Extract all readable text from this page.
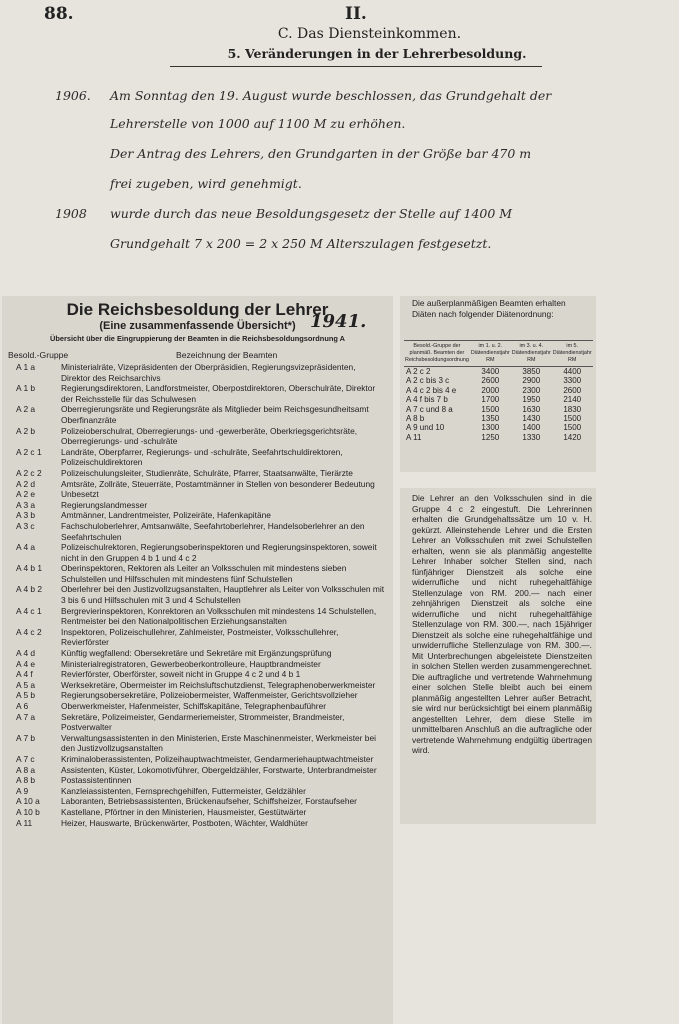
88.	II.
C. Das Diensteinkommen.
5. Veränderungen in der Lehrerbesoldung.
1906. Am Sonntag den 19. August wurde beschlossen, das Grundgehalt der
Lehrerstelle von 1000 auf 1100 M zu erhöhen.
Der Antrag des Lehrers, den Grundgarten in der Größe bar 470 m
frei zugeben, wird genehmigt.
1908 wurde durch das neue Besoldungsgesetz der Stelle auf 1400 M
Grundgehalt 7 x 200 = 2 x 250 M Alterszulagen festgesetzt.
Die Reichsbesoldung der Lehrer
1941.
(Eine zusammenfassende Übersicht*)
Übersicht über die Eingruppierung der Beamten in die Reichsbesoldungsordnung A
Besold.-Gruppe	Bezeichnung der Beamten
A 1 a	Ministerialräte, Vizepräsidenten der Oberpräsidien, Regierungsvizepräsidenten, Direktor des Reichsarchivs
A 1 b	Regierungsdirektoren, Landforstmeister, Oberpostdirektoren, Oberschulräte, Direktor der Reichsstelle für das Schulwesen
A 2 a	Oberregierungsräte und Regierungsräte als Mitglieder beim Reichsgesundheitsamt Oberfinanzräte
A 2 b	Polizeioberschulrat, Oberregierungs- und -gewerberäte, Oberkriegsgerichtsräte, Oberregierungs- und -schulräte
A 2 c 1	Landräte, Oberpfarrer, Regierungs- und -schulräte, Seefahrtschuldirektoren, Polizeischuldirektoren
A 2 c 2	Polizeischulungsleiter, Studienräte, Schulräte, Pfarrer, Staatsanwälte, Tierärzte
A 2 d	Amtsräte, Zollräte, Steuerräte, Postamtmänner in Stellen von besonderer Bedeutung
A 2 e	Unbesetzt
A 3 a	Regierungslandmesser
A 3 b	Amtmänner, Landrentmeister, Polizeiräte, Hafenkapitäne
A 3 c	Fachschuloberlehrer, Amtsanwälte, Seefahrtoberlehrer, Handelsoberlehrer an den Seefahrtschulen
A 4 a	Polizeischulrektoren, Regierungsoberinspektoren und Regierungsinspektoren, soweit nicht in den Gruppen 4 b 1 und 4 c 2
A 4 b 1	Oberinspektoren, Rektoren als Leiter an Volksschulen mit mindestens sieben Schulstellen und Hilfsschulen mit mindestens fünf Schulstellen
A 4 b 2	Oberlehrer bei den Justizvollzugsanstalten, Hauptlehrer als Leiter von Volksschulen mit 3 bis 6 und Hilfsschulen mit 3 und 4 Schulstellen
A 4 c 1	Bergrevierinspektoren, Konrektoren an Volksschulen mit mindestens 14 Schulstellen, Rentmeister bei den Nationalpolitischen Erziehungsanstalten
A 4 c 2	Inspektoren, Polizeischullehrer, Zahlmeister, Postmeister, Volksschullehrer, Revierförster
A 4 d	Künftig wegfallend: Obersekretäre und Sekretäre mit Ergänzungsprüfung
A 4 e	Ministerialregistratoren, Gewerbeoberkontrolleure, Hauptbrandmeister
A 4 f	Revierförster, Oberförster, soweit nicht in Gruppe 4 c 2 und 4 b 1
A 5 a	Werksekretäre, Obermeister im Reichsluftschutzdienst, Telegraphenoberwerkmeister
A 5 b	Regierungsobersekretäre, Polizeiobermeister, Waffenmeister, Gerichtsvollzieher
A 6	Oberwerkmeister, Hafenmeister, Schiffskapitäne, Telegraphenbauführer
A 7 a	Sekretäre, Polizeimeister, Gendarmeriemeister, Strommeister, Brandmeister, Postverwalter
A 7 b	Verwaltungsassistenten in den Ministerien, Erste Maschinenmeister, Werkmeister bei den Justizvollzugsanstalten
A 7 c	Kriminaloberassistenten, Polizeihauptwachtmeister, Gendarmeriehauptwachtmeister
A 8 a	Assistenten, Küster, Lokomotivführer, Obergeldzähler, Forstwarte, Unterbrandmeister
A 8 b	Postassistentinnen
A 9	Kanzleiassistenten, Fernsprechgehilfen, Futtermeister, Geldzähler
A 10 a	Laboranten, Betriebsassistenten, Brückenaufseher, Schiffsheizer, Forstaufseher
A 10 b	Kastellane, Pförtner in den Ministerien, Hausmeister, Gestütwärter
A 11	Heizer, Hauswarte, Brückenwärter, Postboten, Wächter, Waldhüter
Die außerplanmäßigen Beamten erhalten Diäten nach folgender Diätenordnung:
Besold.-Gruppe der planmäß. Beamten der Reichsbesoldungsordnung	im 1. u. 2. Diätendienstjahr RM	im 3. u. 4. Diätendienstjahr RM	im 5. Diätendienstjahr RM
A 2 c 2	3400	3850	4400
A 2 c bis 3 c	2600	2900	3300
A 4 c 2 bis 4 e	2000	2300	2600
A 4 f bis 7 b	1700	1950	2140
A 7 c und 8 a	1500	1630	1830
A 8 b	1350	1430	1500
A 9 und 10	1300	1400	1500
A 11	1250	1330	1420
Die Lehrer an den Volksschulen sind in die Gruppe 4 c 2 eingestuft. Die Lehrerinnen erhalten die Grundgehaltssätze um 10 v. H. gekürzt. Alleinstehende Lehrer und die Ersten Lehrer an Volksschulen mit zwei Schulstellen erhalten, wenn sie als planmäßig angestellte Lehrer Inhaber solcher Stellen sind, nach fünfjähriger Dienstzeit als solche eine widerrufliche und nicht ruhegehaltfähige Stellenzulage von RM. 200.— nach einer zehnjährigen Dienstzeit als solche eine widerrufliche und nicht ruhegehaltfähige Stellenzulage von RM. 300.—, nach 15jähriger Dienstzeit als solche eine ruhegehaltfähige und unwiderrufliche Stellenzulage von RM. 300.—. Mit Unterbrechungen abgeleistete Dienstzeiten in solchen Stellen werden zusammengerechnet. Die auftragliche und vertretende Wahrnehmung einer solchen Stelle bleibt auch bei einem planmäßig angestellten Lehrer außer Betracht, sie wird nur berücksichtigt bei einem planmäßig angestellten Lehrer, dem diese Stelle im unmittelbaren Anschluß an die auftragliche oder vertretende Wahrnehmung endgültig übertragen wird.
